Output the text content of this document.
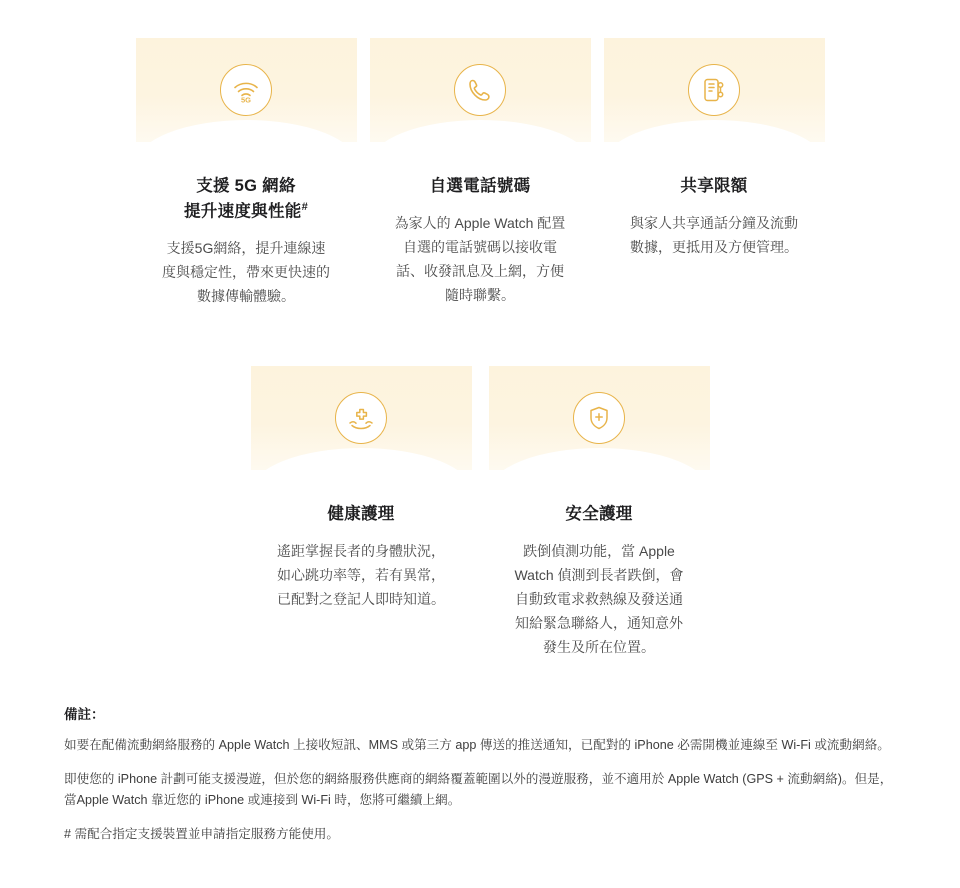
5G
支援 5G 網絡
提升速度與性能#
支援5G網絡，提升連線速度與穩定性，帶來更快速的數據傳輸體驗。
自選電話號碼
為家人的 Apple Watch 配置自選的電話號碼以接收電話、收發訊息及上網，方便隨時聯繫。
共享限額
與家人共享通話分鐘及流動數據，更抵用及方便管理。
健康護理
遙距掌握長者的身體狀況，如心跳功率等，若有異常，已配對之登記人即時知道。
安全護理
跌倒偵測功能，當 Apple Watch 偵測到長者跌倒，會自動致電求救熱線及發送通知給緊急聯絡人，通知意外發生及所在位置。
備註：
如要在配備流動網絡服務的 Apple Watch 上接收短訊、MMS 或第三方 app 傳送的推送通知，已配對的 iPhone 必需開機並連線至 Wi-Fi 或流動網絡。
即使您的 iPhone 計劃可能支援漫遊，但於您的網絡服務供應商的網絡覆蓋範圍以外的漫遊服務，並不適用於 Apple Watch (GPS + 流動網絡)。但是，當Apple Watch 靠近您的 iPhone 或連接到 Wi-Fi 時，您將可繼續上網。
# 需配合指定支援裝置並申請指定服務方能使用。
